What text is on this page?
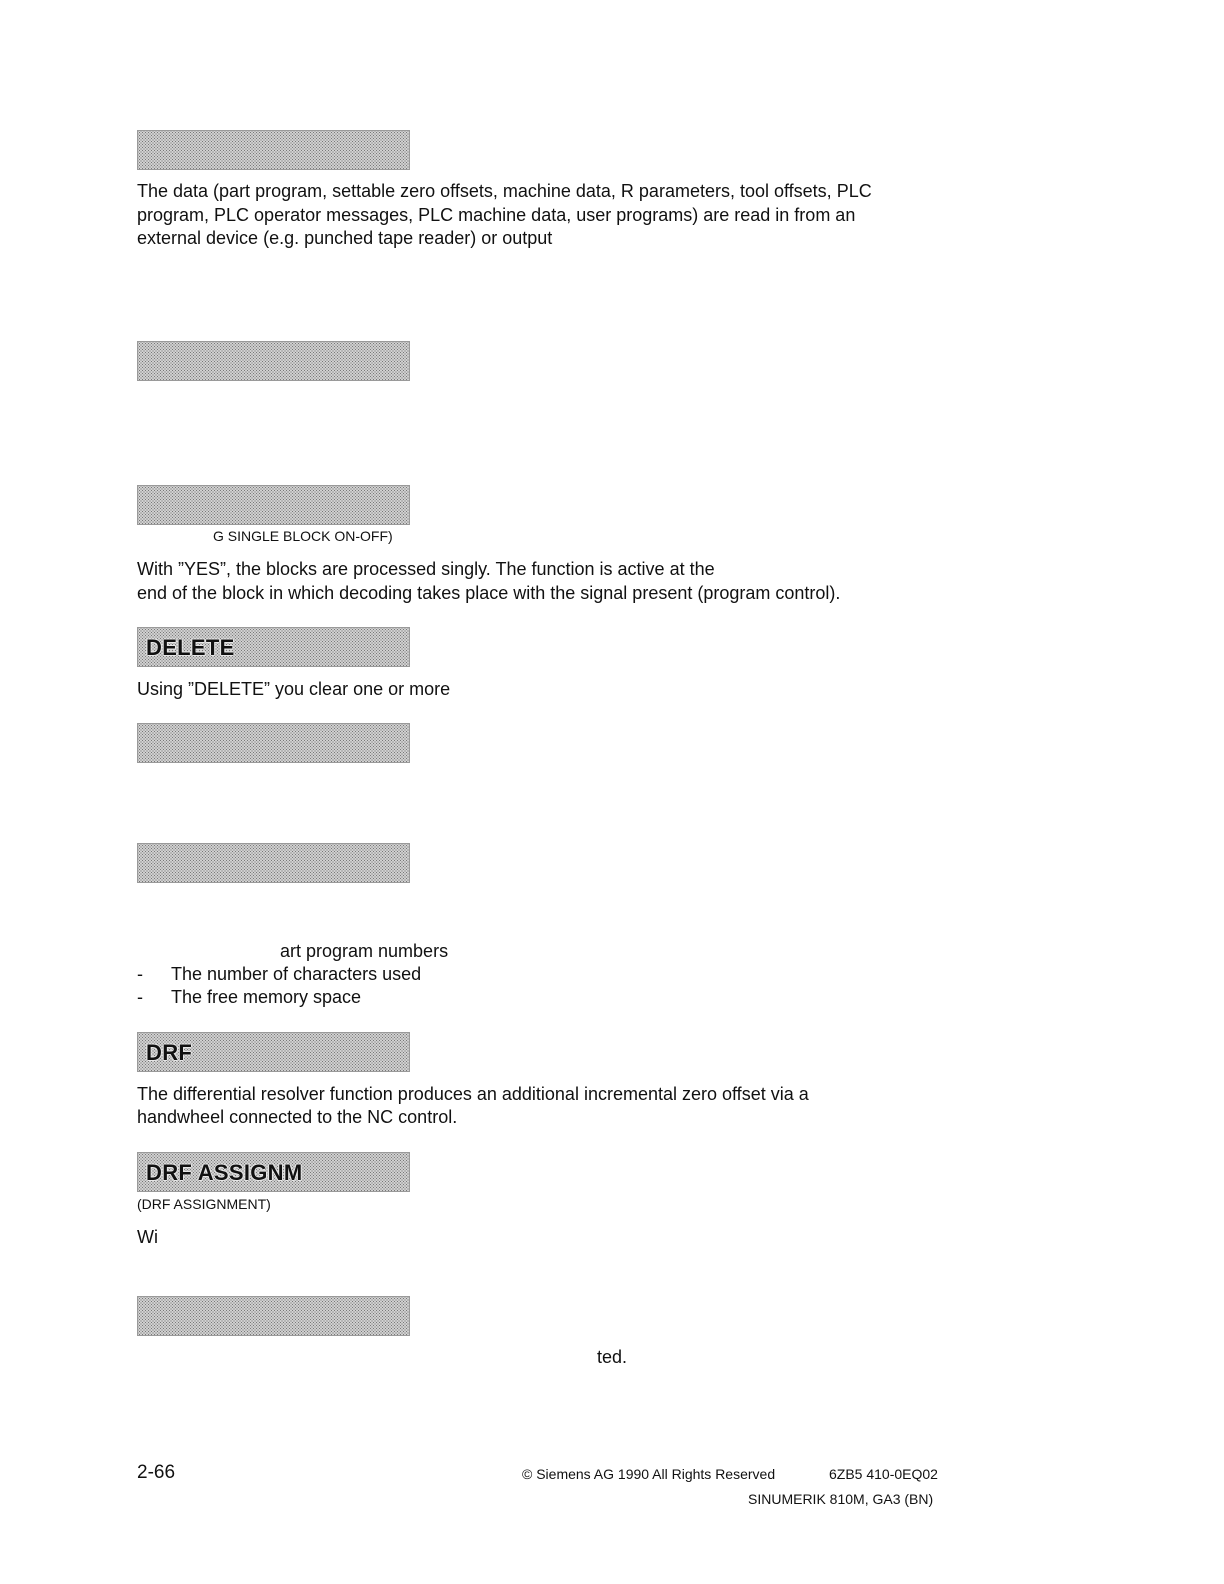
The data (part program, settable zero offsets, machine data, R parameters, tool offsets, PLC
program, PLC operator messages, PLC machine data, user programs) are read in from an
external device (e.g. punched tape reader) or output
G SINGLE BLOCK ON-OFF)
With ”YES”, the blocks are processed singly. The function is active at the
end of the block in which decoding takes place with the signal present (program control).
DELETE
Using ”DELETE” you clear one or more
art program numbers
- The number of characters used
- The free memory space
DRF
The differential resolver function produces an additional incremental zero offset via a
handwheel connected to the NC control.
DRF ASSIGNM
(DRF ASSIGNMENT)
Wi
ted.
2-66	© Siemens AG 1990 All Rights Reserved	6ZB5 410-0EQ02
SINUMERIK 810M, GA3 (BN)
